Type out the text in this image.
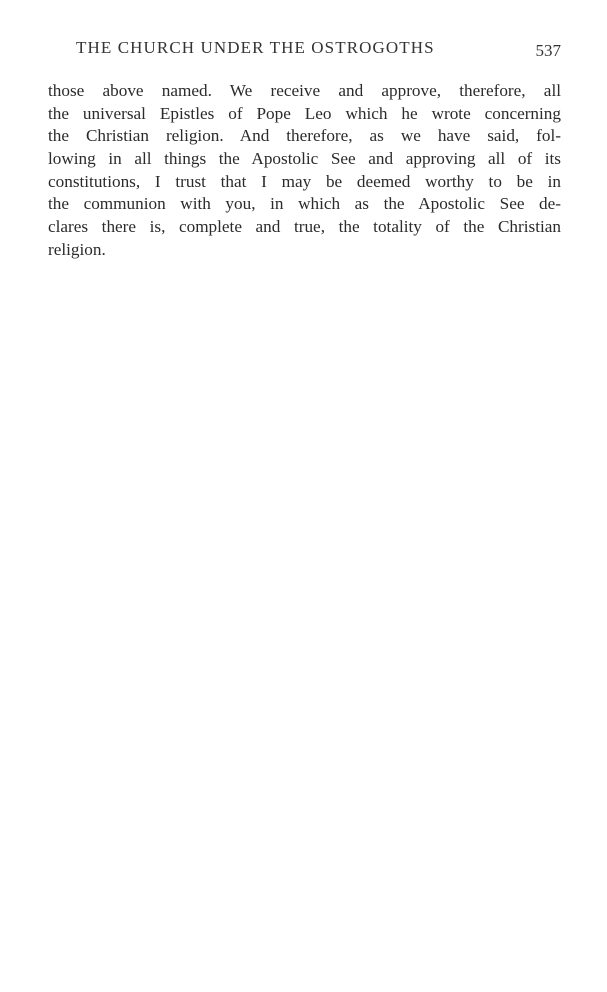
THE CHURCH UNDER THE OSTROGOTHS	537
those above named. We receive and approve, therefore, all
the universal Epistles of Pope Leo which he wrote concerning
the Christian religion. And therefore, as we have said, fol-
lowing in all things the Apostolic See and approving all of its
constitutions, I trust that I may be deemed worthy to be in
the communion with you, in which as the Apostolic See de-
clares there is, complete and true, the totality of the Christian
religion.
